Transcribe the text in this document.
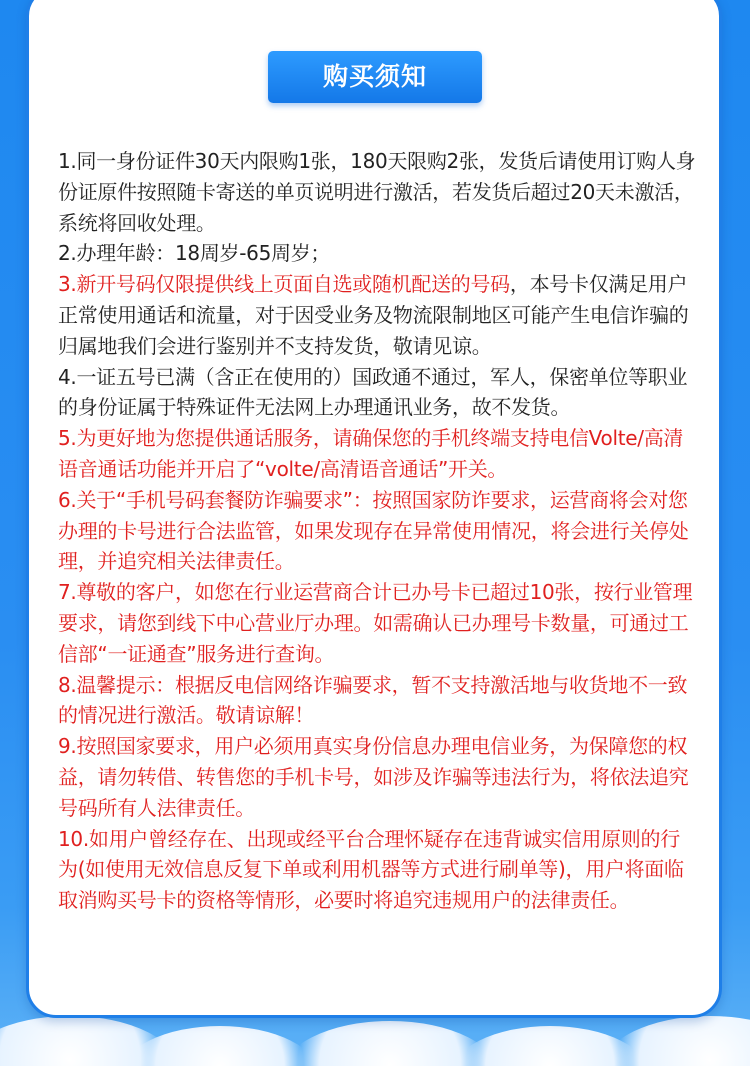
购买须知

1.同一身份证件30天内限购1张，180天限购2张，发货后请使用订购人身份证原件按照随卡寄送的单页说明进行激活，若发货后超过20天未激活，系统将回收处理。

2.办理年龄：18周岁-65周岁；

3.新开号码仅限提供线上页面自选或随机配送的号码，本号卡仅满足用户正常使用通话和流量，对于因受业务及物流限制地区可能产生电信诈骗的归属地我们会进行鉴别并不支持发货，敬请见谅。

4.一证五号已满（含正在使用的）国政通不通过，军人，保密单位等职业的身份证属于特殊证件无法网上办理通讯业务，故不发货。

5.为更好地为您提供通话服务，请确保您的手机终端支持电信Volte/高清语音通话功能并开启了“volte/高清语音通话”开关。

6.关于“手机号码套餐防诈骗要求”：按照国家防诈要求，运营商将会对您办理的卡号进行合法监管，如果发现存在异常使用情况，将会进行关停处理，并追究相关法律责任。

7.尊敬的客户，如您在行业运营商合计已办号卡已超过10张，按行业管理要求，请您到线下中心营业厅办理。如需确认已办理号卡数量，可通过工信部“一证通查”服务进行查询。

8.温馨提示：根据反电信网络诈骗要求，暂不支持激活地与收货地不一致的情况进行激活。敬请谅解！

9.按照国家要求，用户必须用真实身份信息办理电信业务，为保障您的权益，请勿转借、转售您的手机卡号，如涉及诈骗等违法行为，将依法追究号码所有人法律责任。

10.如用户曾经存在、出现或经平台合理怀疑存在违背诚实信用原则的行为(如使用无效信息反复下单或利用机器等方式进行刷单等)，用户将面临取消购买号卡的资格等情形，必要时将追究违规用户的法律责任。
